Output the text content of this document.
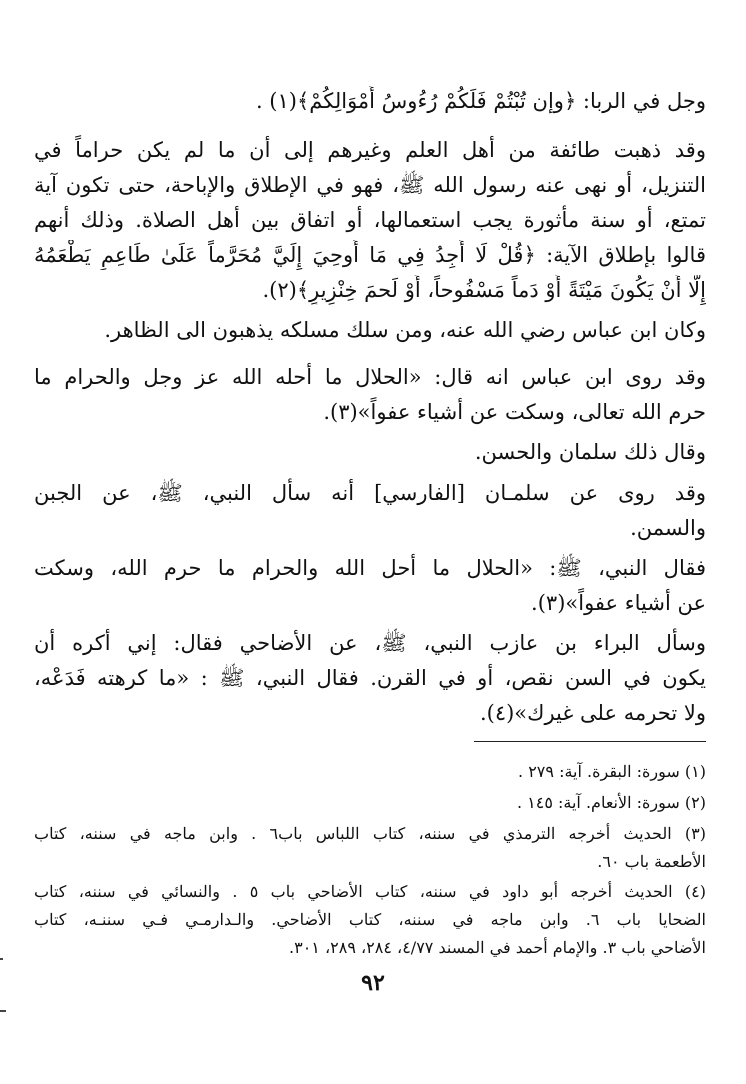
وجل في الربا: ﴿وإن تُبْتُمْ فَلَكُمْ رُءُوسُ أَمْوَالِكُمْ﴾(١) .
وقد ذهبت طائفة من أهل العلم وغيرهم إلى أن ما لم يكن حراماً في
التنزيل، أو نهى عنه رسول الله ﷺ، فهو في الإطلاق والإباحة، حتى تكون آية
تمتع، أو سنة مأثورة يجب استعمالها، أو اتفاق بين أهل الصلاة. وذلك أنهم
قالوا بإطلاق الآية: ﴿قُلْ لَا أَجِدُ فِي مَا أُوحِيَ إِلَيَّ مُحَرَّماً عَلَىٰ طَاعِمٍ يَطْعَمُهُ
إِلَّا أَنْ يَكُونَ مَيْتَةً أَوْ دَماً مَسْفُوحاً، أَوْ لَحمَ خِنْزِيرٍ﴾(٢).
وكان ابن عباس رضي الله عنه، ومن سلك مسلكه يذهبون الى الظاهر.
وقد روى ابن عباس انه قال: «الحلال ما أحله الله عز وجل والحرام ما
حرم الله تعالى، وسكت عن أشياء عفواً»(٣).
وقال ذلك سلمان والحسن.
وقد روى عن سلمـان [الفارسي] أنه سأل النبي، ﷺ، عن الجبن
والسمن.
فقال النبي، ﷺ: «الحلال ما أحل الله والحرام ما حرم الله، وسكت
عن أشياء عفواً»(٣).
وسأل البراء بن عازب النبي، ﷺ، عن الأضاحي فقال: إني أكره أن
يكون في السن نقص، أو في القرن. فقال النبي، ﷺ : «ما كرهته فَدَعْه،
ولا تحرمه على غيرك»(٤).
(١) سورة: البقرة. آية: ٢٧٩ .
(٢) سورة: الأنعام. آية: ١٤٥ .
(٣) الحديث أخرجه الترمذي في سننه، كتاب اللباس باب٦ . وابن ماجه في سننه، كتاب
الأطعمة باب ٦٠.
(٤) الحديث أخرجه أبو داود في سننه، كتاب الأضاحي باب ٥ . والنسائي في سننه، كتاب
الضحايا باب ٦. وابن ماجه في سننه، كتاب الأضاحي. والـدارمـي فـي سننـه، كتاب
الأضاحي باب ٣. والإمام أحمد في المسند ٤/٧٧، ٢٨٤، ٢٨٩، ٣٠١.
٩٢
